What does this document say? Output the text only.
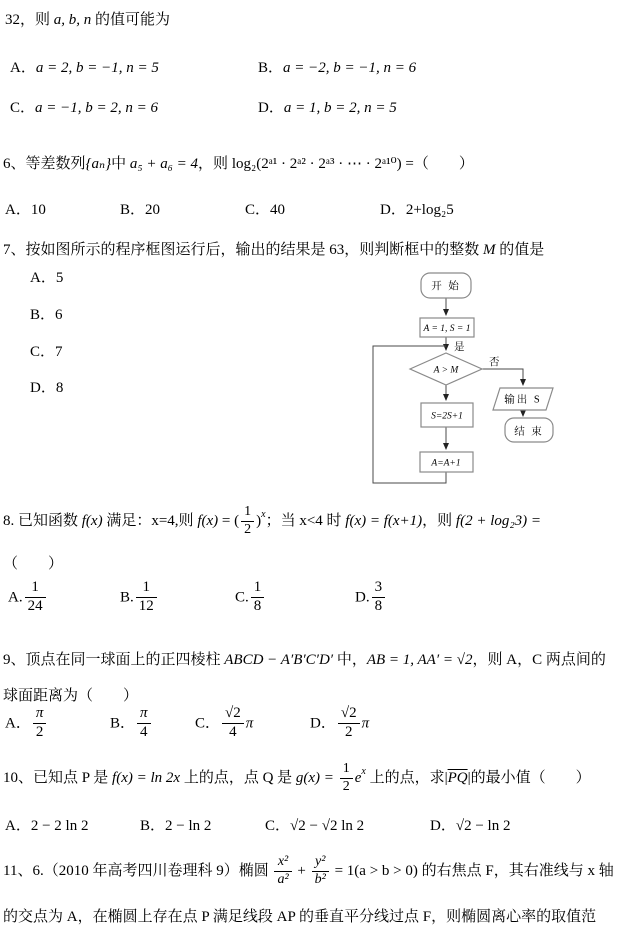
32，则 a, b, n 的值可能为
A．a = 2, b = −1, n = 5	B．a = −2, b = −1, n = 6
C．a = −1, b = 2, n = 6	D．a = 1, b = 2, n = 5
6、等差数列{aₙ}中 a₅ + a₆ = 4，则 log₂(2ᵃ¹ · 2ᵃ² · 2ᵃ³ · ⋯ · 2ᵃ¹⁰) =（　　）
A．10	B．20	C．40	D．2+log₂5
7、按如图所示的程序框图运行后，输出的结果是 63，则判断框中的整数 M 的值是
A．5
B．6
C．7
D．8
开 始
A = 1, S = 1
是
否
A > M
S=2S+1
A=A+1
输出 S
结 束
8. 已知函数 f(x) 满足：x=4,则 f(x) = ( $\frac{1}{2} )^x$；当 x<4 时 f(x) = f(x+1)，则 f(2 + log₂3) =
（　　）
A. $\frac{1}{24}$	B. $\frac{1}{12}$	C. $\frac{1}{8}$	D. $\frac{3}{8}$
9、顶点在同一球面上的正四棱柱 ABCD − A′B′C′D′ 中，AB = 1, AA′ = √2，则 A，C 两点间的
球面距离为（　　）
A． $\frac{\pi}{2}$	B． $\frac{\pi}{4}$	C． $\frac{√2}{4}$ π	D． $\frac{√2}{2}$ π
10、已知点 P 是 f(x) = ln 2x 上的点，点 Q 是 $g(x) = \frac{1}{2} e^x$ 上的点，求$|\overline{PQ}|$的最小值（　　）
A．2 − 2 ln 2	B．2 − ln 2	C．√2 − √2 ln 2	D．√2 − ln 2
11、6.（2010 年高考四川卷理科 9）椭圆 $\frac{\text{x²}}{\text{a²}} + \frac{\text{y²}}{\text{b²}} = 1(a > b > 0)$ 的右焦点 F，其右准线与 x 轴
的交点为 A，在椭圆上存在点 P 满足线段 AP 的垂直平分线过点 F，则椭圆离心率的取值范
